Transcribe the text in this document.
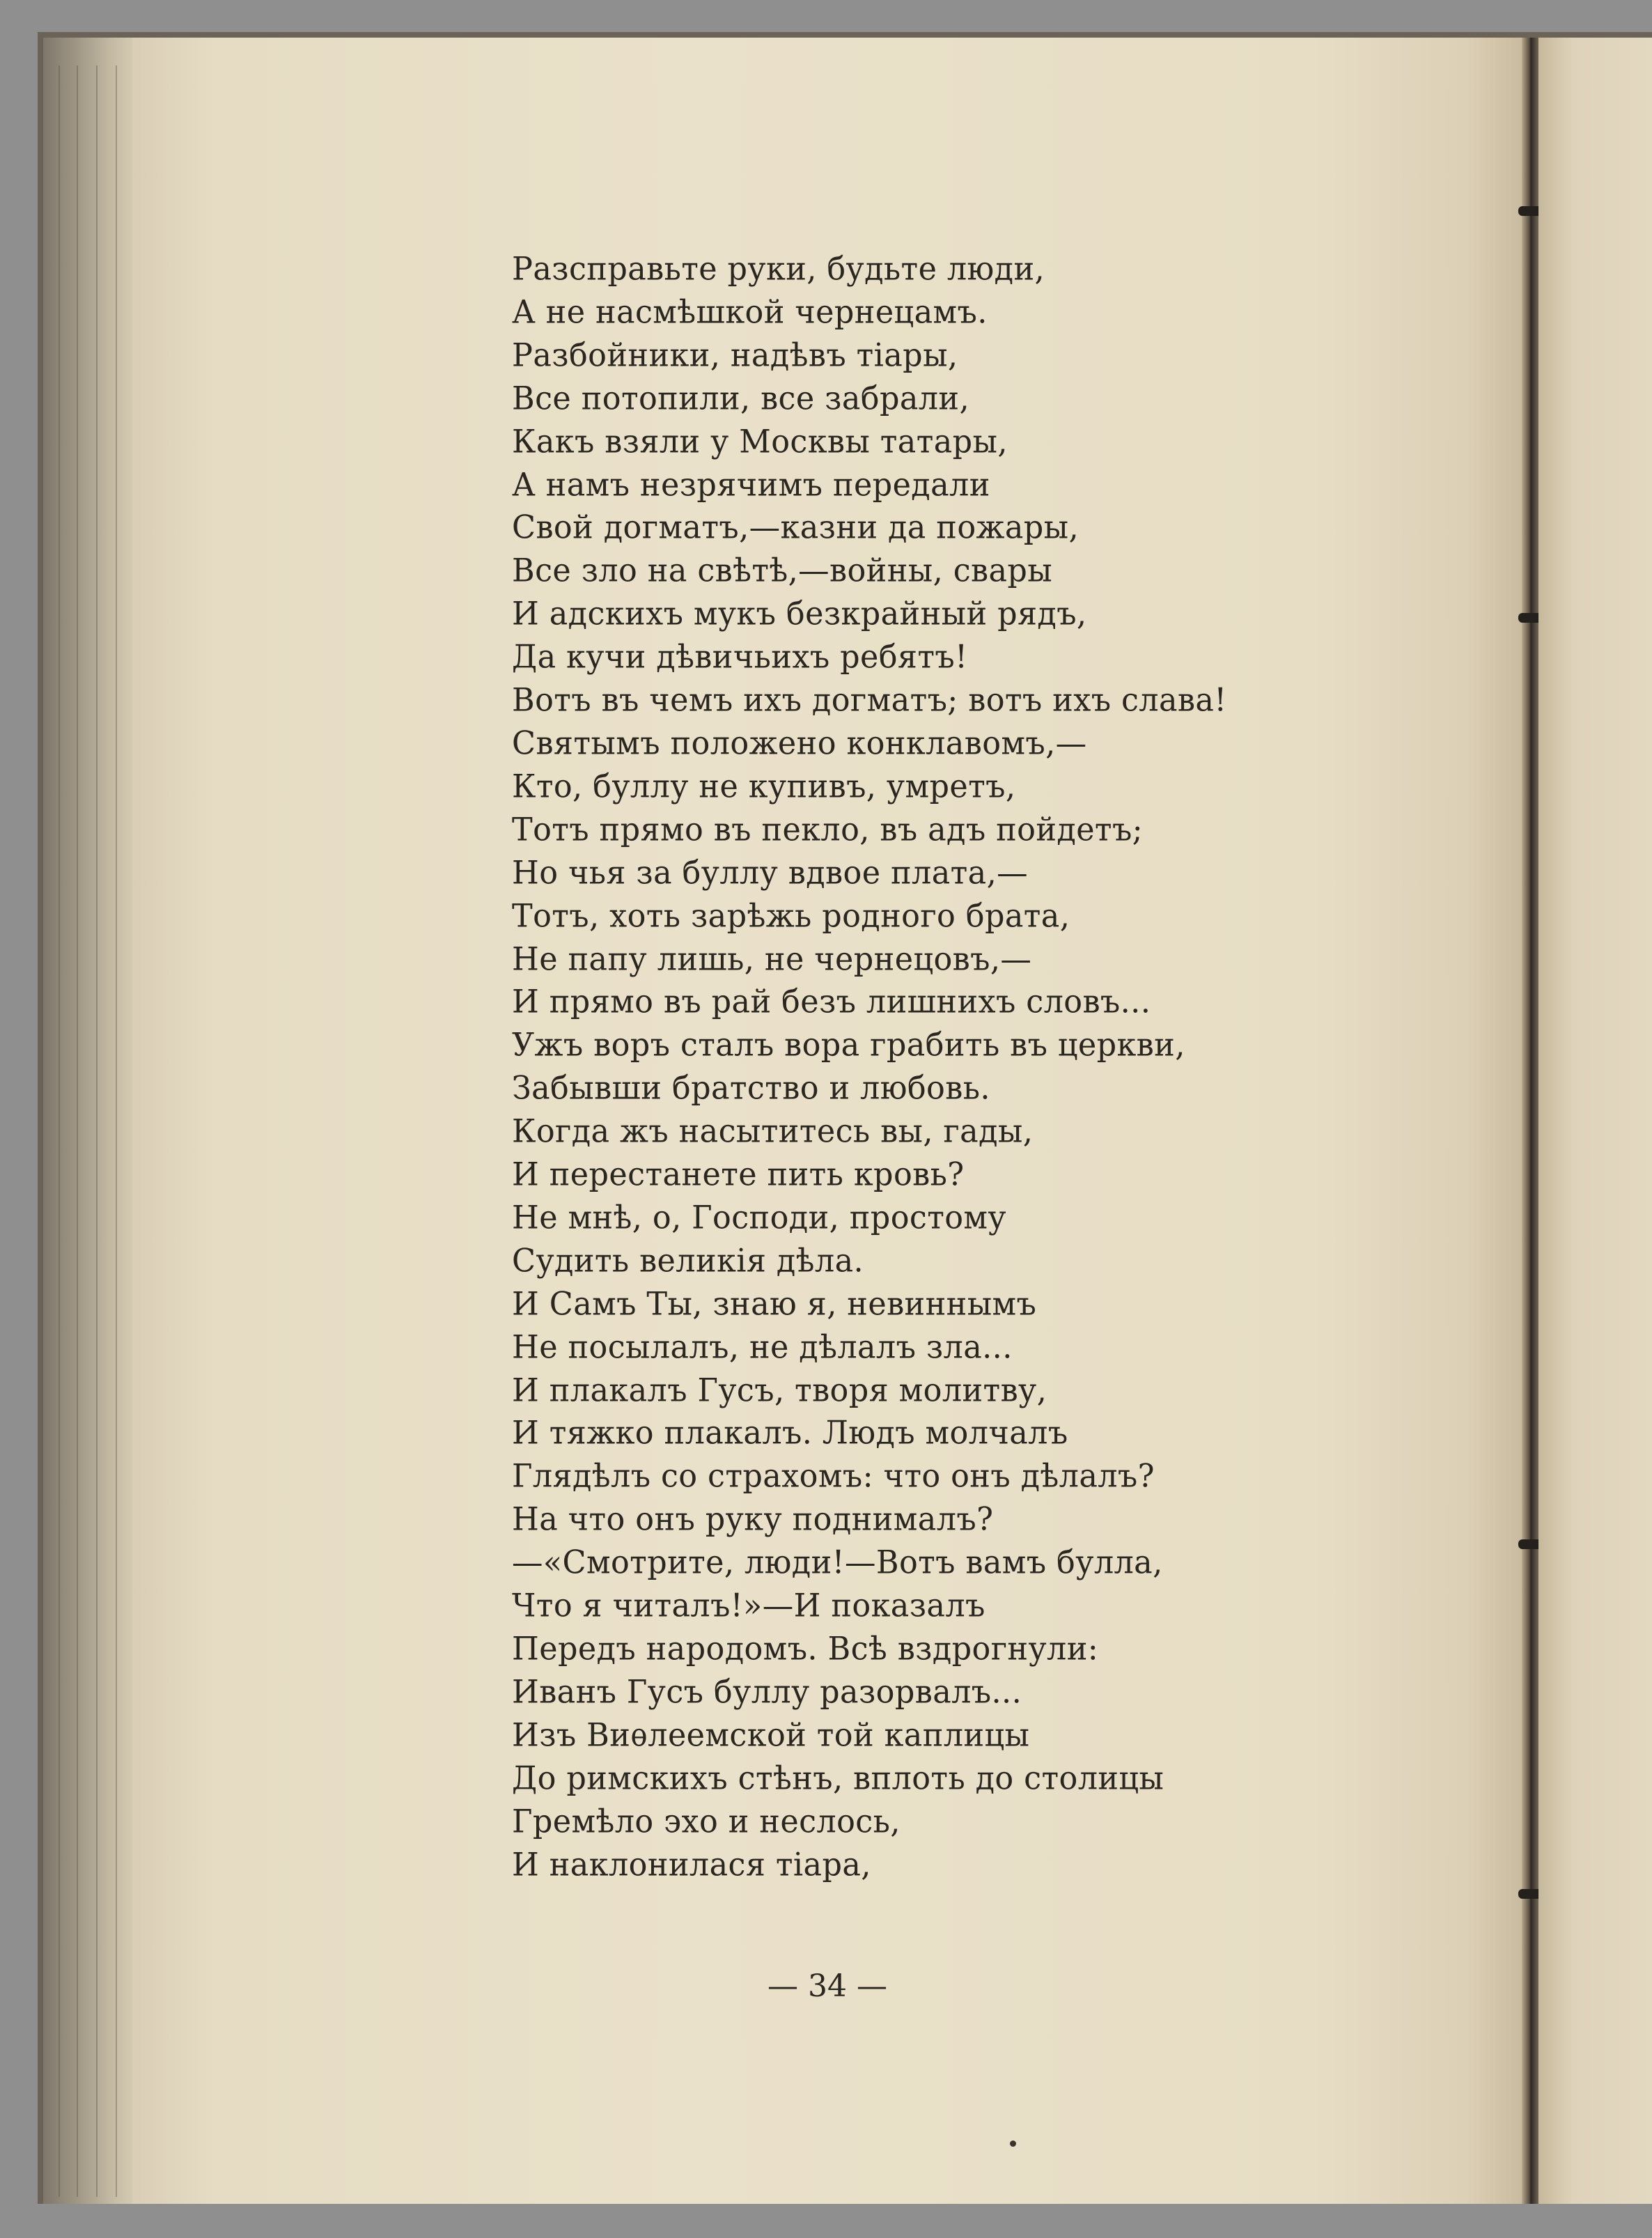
Разсправьте руки, будьте люди,
А не насмѣшкой чернецамъ.
Разбойники, надѣвъ тіары,
Все потопили, все забрали,
Какъ взяли у Москвы татары,
А намъ незрячимъ передали
Свой догматъ,—казни да пожары,
Все зло на свѣтѣ,—войны, свары
И адскихъ мукъ безкрайный рядъ,
Да кучи дѣвичьихъ ребятъ!
Вотъ въ чемъ ихъ догматъ; вотъ ихъ слава!
Святымъ положено конклавомъ,—
Кто, буллу не купивъ, умретъ,
Тотъ прямо въ пекло, въ адъ пойдетъ;
Но чья за буллу вдвое плата,—
Тотъ, хоть зарѣжь родного брата,
Не папу лишь, не чернецовъ,—
И прямо въ рай безъ лишнихъ словъ...
Ужъ воръ сталъ вора грабить въ церкви,
Забывши братство и любовь.
Когда жъ насытитесь вы, гады,
И перестанете пить кровь?
Не мнѣ, о, Господи, простому
Судить великія дѣла.
И Самъ Ты, знаю я, невиннымъ
Не посылалъ, не дѣлалъ зла...
И плакалъ Гусъ, творя молитву,
И тяжко плакалъ. Людъ молчалъ
Глядѣлъ со страхомъ: что онъ дѣлалъ?
На что онъ руку поднималъ?
—«Смотрите, люди!—Вотъ вамъ булла,
Что я читалъ!»—И показалъ
Передъ народомъ. Всѣ вздрогнули:
Иванъ Гусъ буллу разорвалъ...
Изъ Виѳлеемской той каплицы
До римскихъ стѣнъ, вплоть до столицы
Гремѣло эхо и неслось,
И наклонилася тіара,
— 34 —
